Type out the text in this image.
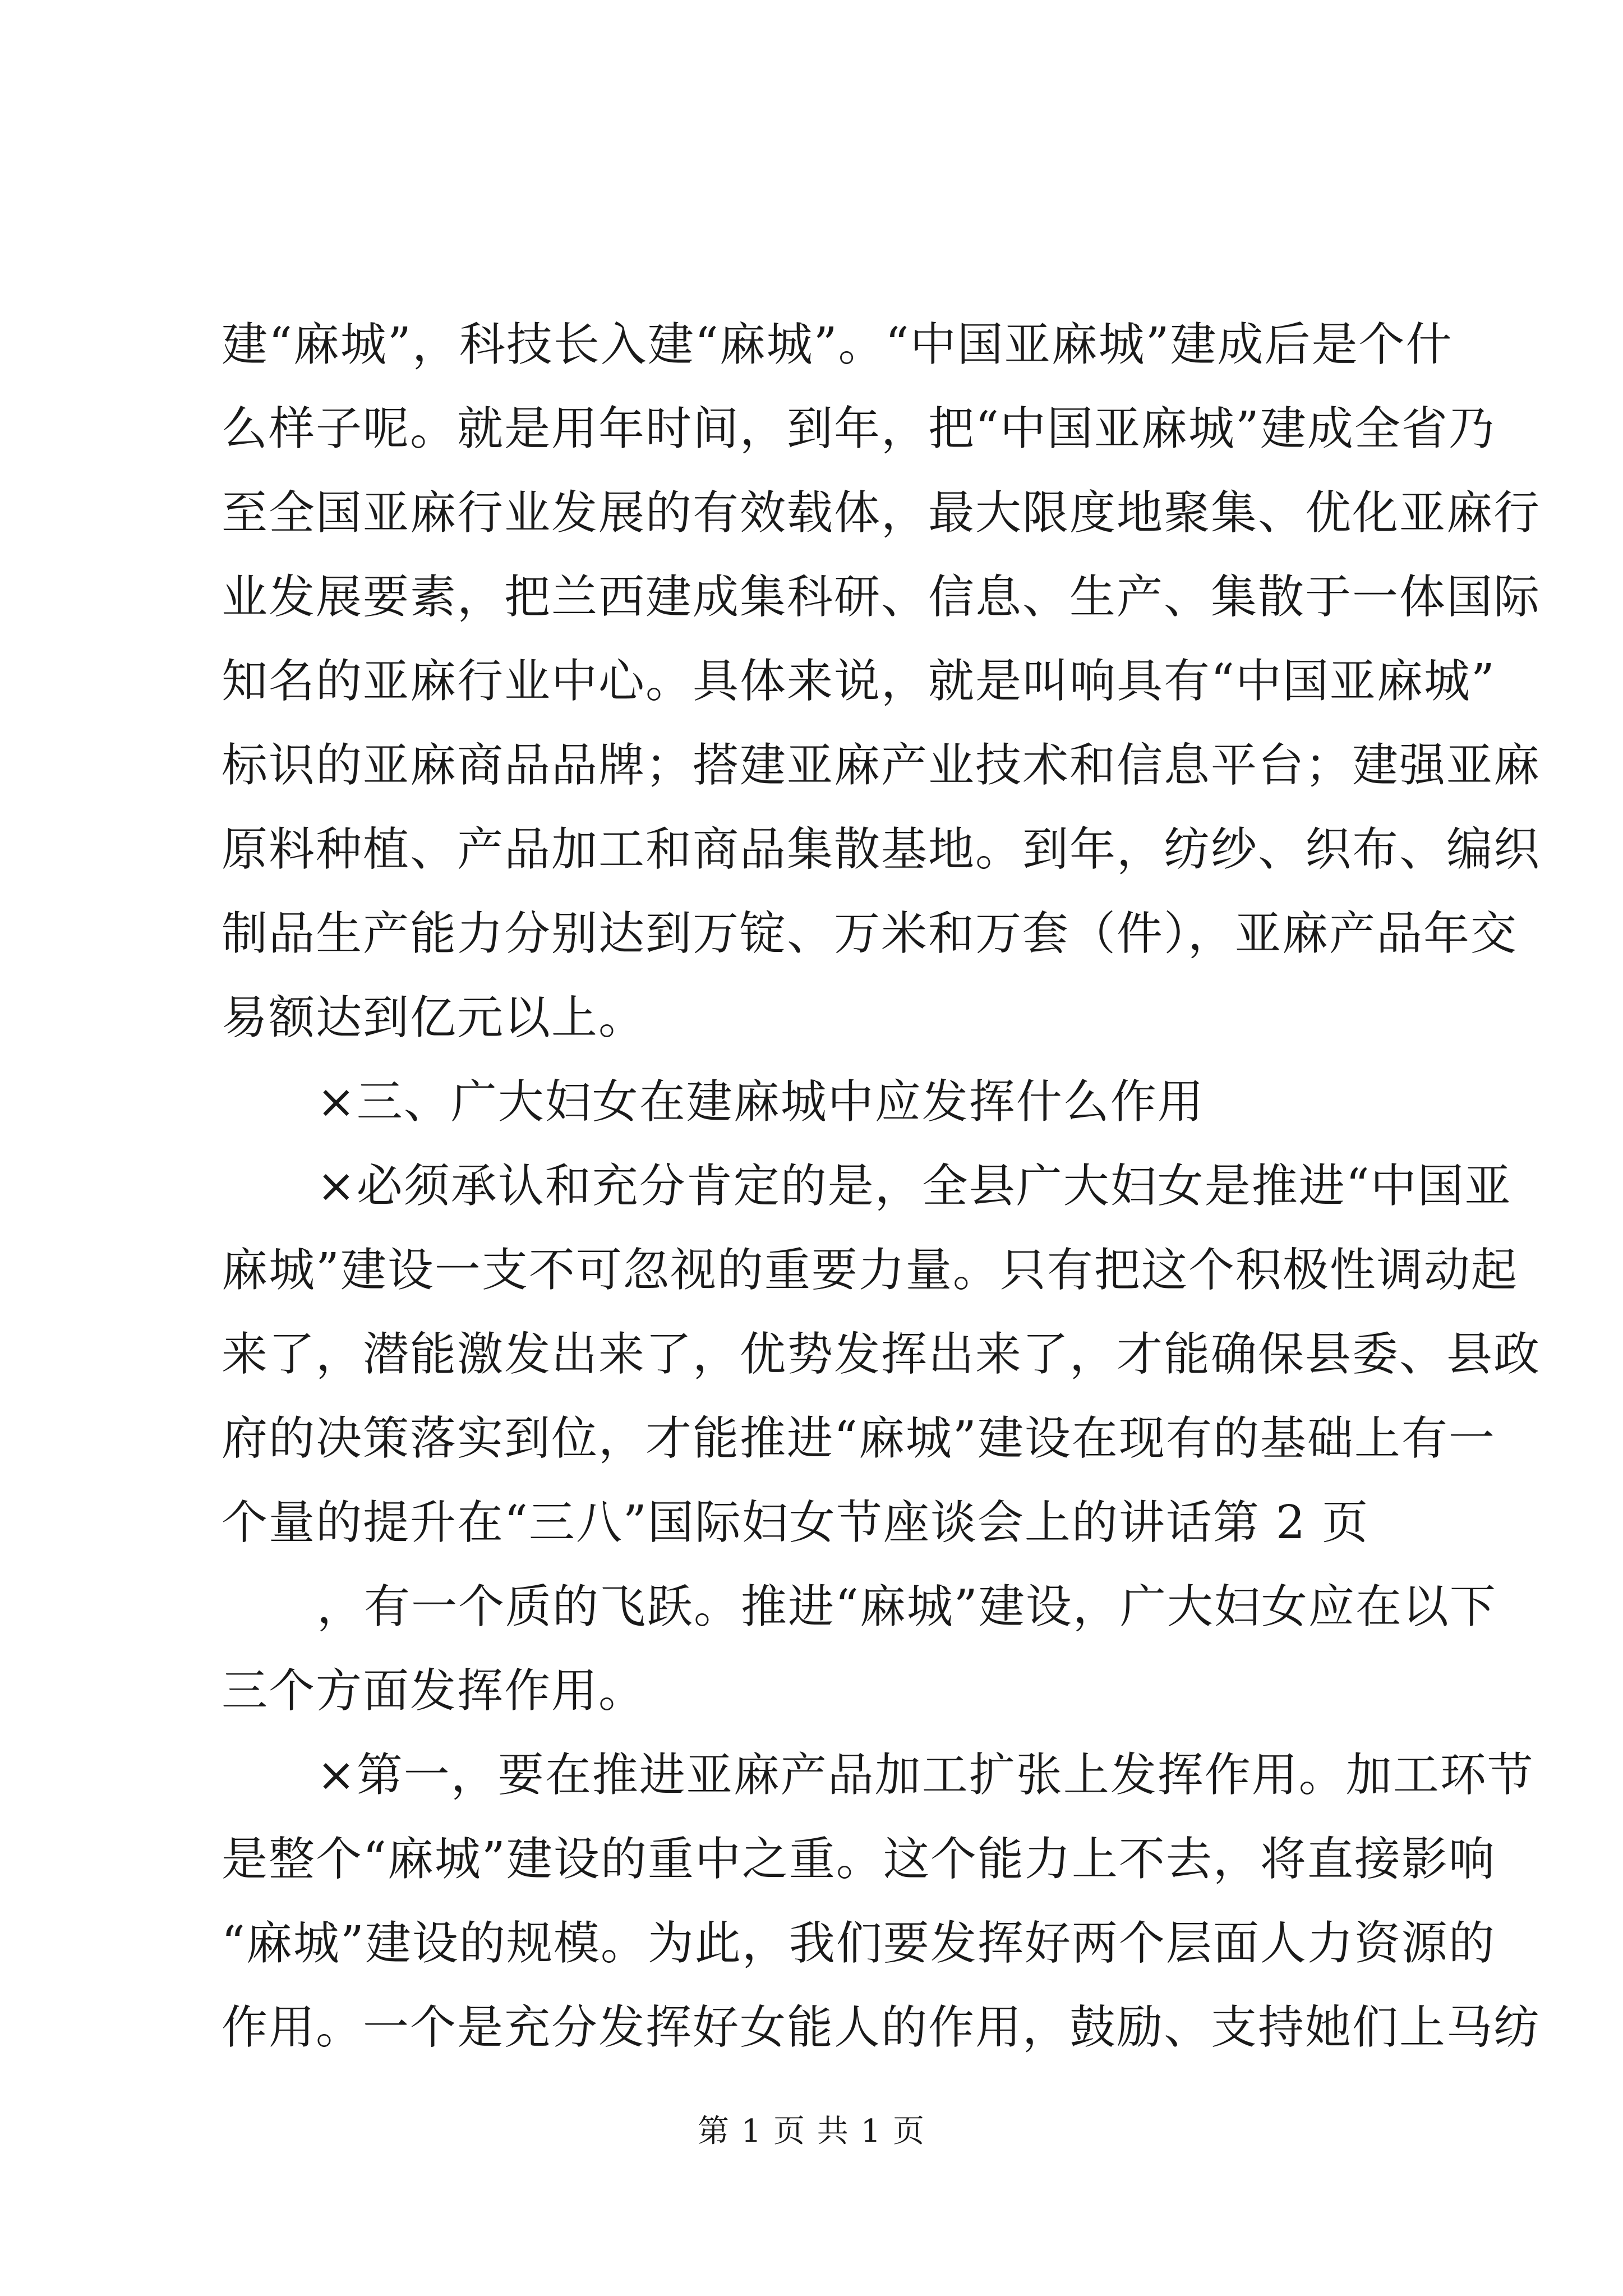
建“麻城”，科技长入建“麻城”。“中国亚麻城”建成后是个什
么样子呢。就是用年时间，到年，把“中国亚麻城”建成全省乃
至全国亚麻行业发展的有效载体，最大限度地聚集、优化亚麻行
业发展要素，把兰西建成集科研、信息、生产、集散于一体国际
知名的亚麻行业中心。具体来说，就是叫响具有“中国亚麻城”
标识的亚麻商品品牌；搭建亚麻产业技术和信息平台；建强亚麻
原料种植、产品加工和商品集散基地。到年，纺纱、织布、编织
制品生产能力分别达到万锭、万米和万套（件），亚麻产品年交
易额达到亿元以上。
×三、广大妇女在建麻城中应发挥什么作用
×必须承认和充分肯定的是，全县广大妇女是推进“中国亚
麻城”建设一支不可忽视的重要力量。只有把这个积极性调动起
来了，潜能激发出来了，优势发挥出来了，才能确保县委、县政
府的决策落实到位，才能推进“麻城”建设在现有的基础上有一
个量的提升在“三八”国际妇女节座谈会上的讲话第 2 页
，有一个质的飞跃。推进“麻城”建设，广大妇女应在以下
三个方面发挥作用。
×第一，要在推进亚麻产品加工扩张上发挥作用。加工环节
是整个“麻城”建设的重中之重。这个能力上不去，将直接影响
“麻城”建设的规模。为此，我们要发挥好两个层面人力资源的
作用。一个是充分发挥好女能人的作用，鼓励、支持她们上马纺
第 1 页 共 1 页
